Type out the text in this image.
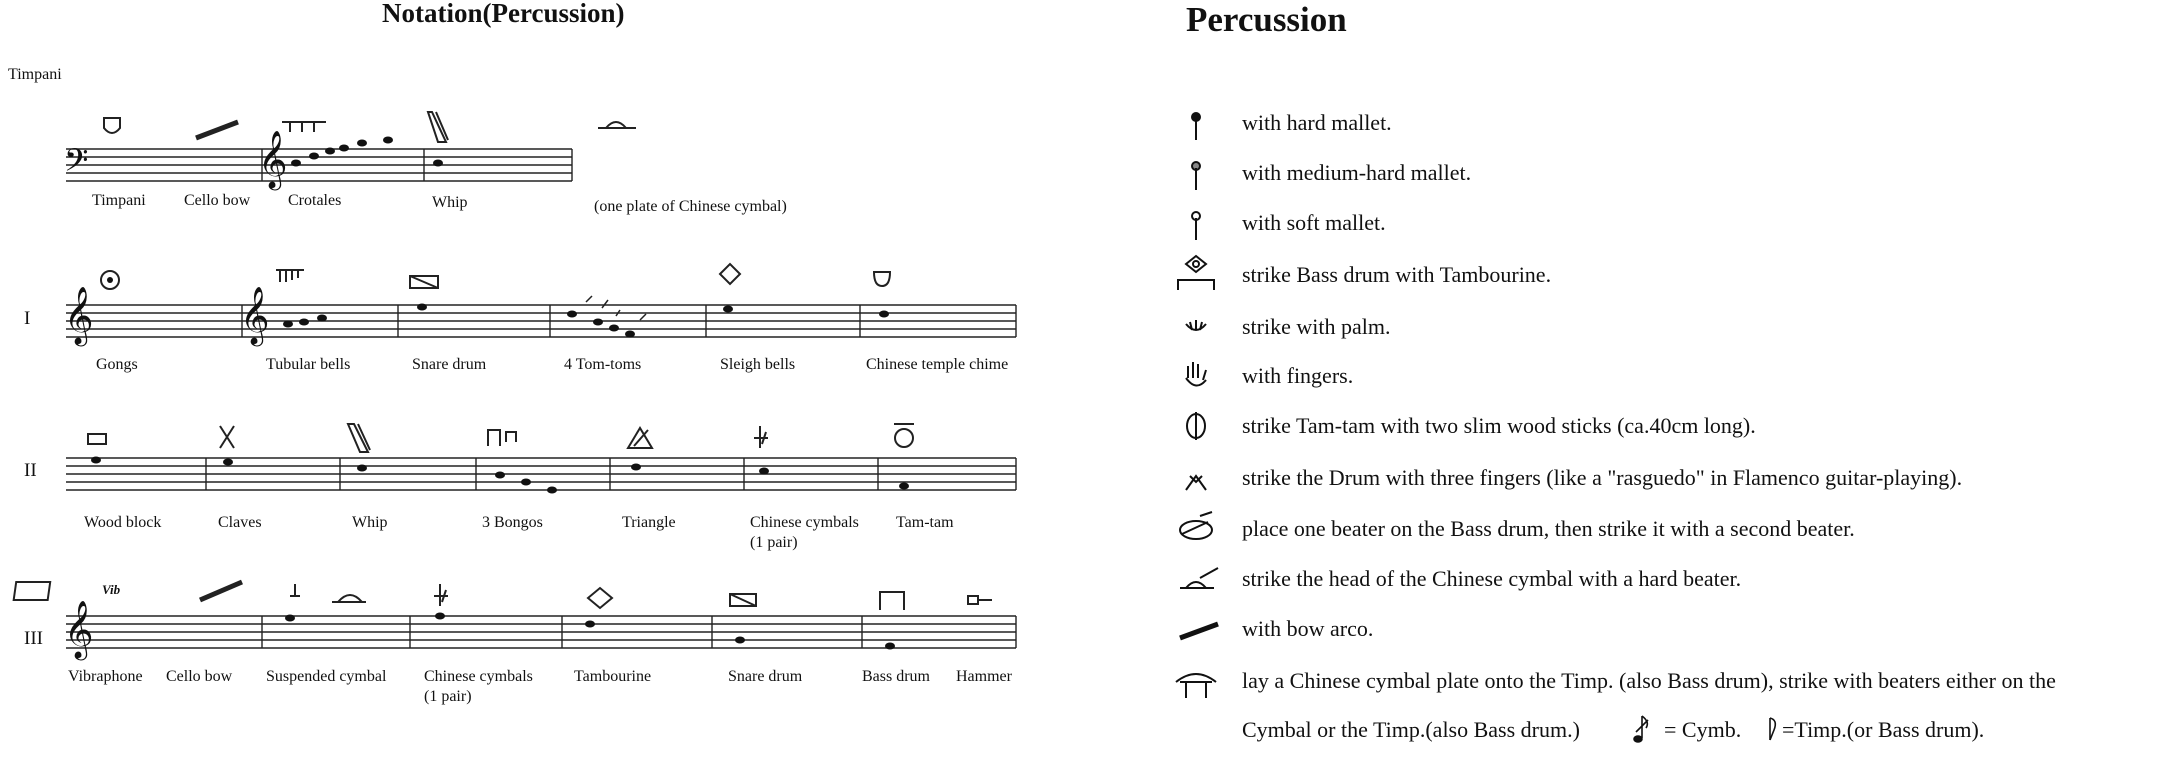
Notation(Percussion)
Timpani
𝄢	𝄞
Timpani Cello bow Crotales	Whip	(one plate of Chinese cymbal)
I 𝄞	𝄞
Gongs	Tubular bells	Snare drum	4 Tom-toms	Sleigh bells	Chinese temple chime
II
Wood block	Claves	Whip	3 Bongos	Triangle	Chinese cymbals
(1 pair)
Tam-tam
III
Vib
𝄞
Vibraphone Cello bow Suspended cymbal Chinese cymbals
(1 pair)
Tambourine	Snare drum	Bass drum Hammer
Percussion
with hard mallet.
with medium-hard mallet.
with soft mallet.
strike Bass drum with Tambourine.
strike with palm.
with fingers.
strike Tam-tam with two slim wood sticks (ca.40cm long).
strike the Drum with three fingers (like a "rasguedo" in Flamenco guitar-playing).
place one beater on the Bass drum, then strike it with a second beater.
strike the head of the Chinese cymbal with a hard beater.
with bow arco.
lay a Chinese cymbal plate onto the Timp. (also Bass drum), strike with beaters either on the
Cymbal or the Timp.(also Bass drum.)	= Cymb. =Timp.(or Bass drum).
